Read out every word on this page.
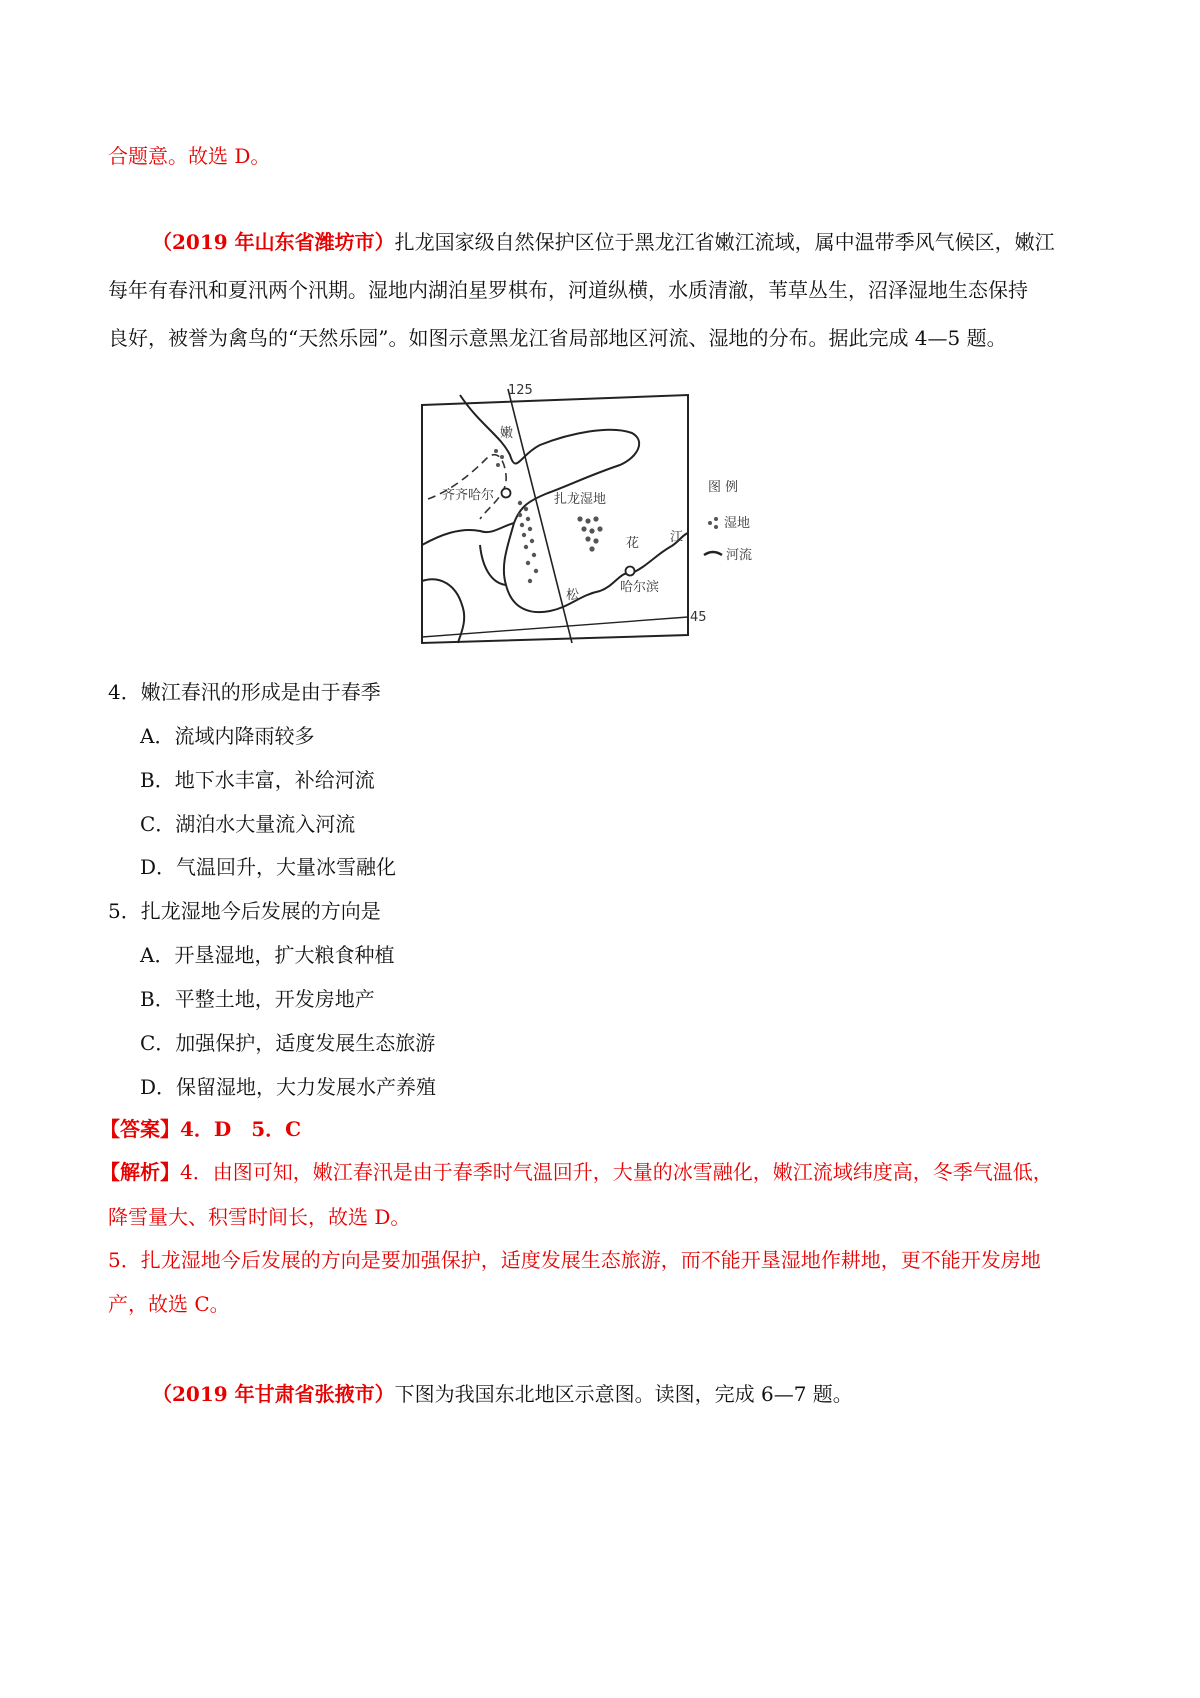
合题意。故选 D。
（2019 年山东省潍坊市）扎龙国家级自然保护区位于黑龙江省嫩江流域，属中温带季风气候区，嫩江
每年有春汛和夏汛两个汛期。湿地内湖泊星罗棋布，河道纵横，水质清澈，苇草丛生，沼泽湿地生态保持
良好，被誉为禽鸟的“天然乐园”。如图示意黑龙江省局部地区河流、湿地的分布。据此完成 4—5 题。
125
45
嫩
齐齐哈尔	扎龙湿地
哈尔滨
松
花 江
图 例
湿地
河流
4．嫩江春汛的形成是由于春季
A．流域内降雨较多
B．地下水丰富，补给河流
C．湖泊水大量流入河流
D．气温回升，大量冰雪融化
5．扎龙湿地今后发展的方向是
A．开垦湿地，扩大粮食种植
B．平整土地，开发房地产
C．加强保护，适度发展生态旅游
D．保留湿地，大力发展水产养殖
【答案】4．D　5．C
【解析】4．由图可知，嫩江春汛是由于春季时气温回升，大量的冰雪融化，嫩江流域纬度高，冬季气温低，
降雪量大、积雪时间长，故选 D。
5．扎龙湿地今后发展的方向是要加强保护，适度发展生态旅游，而不能开垦湿地作耕地，更不能开发房地
产，故选 C。
（2019 年甘肃省张掖市）下图为我国东北地区示意图。读图，完成 6—7 题。
